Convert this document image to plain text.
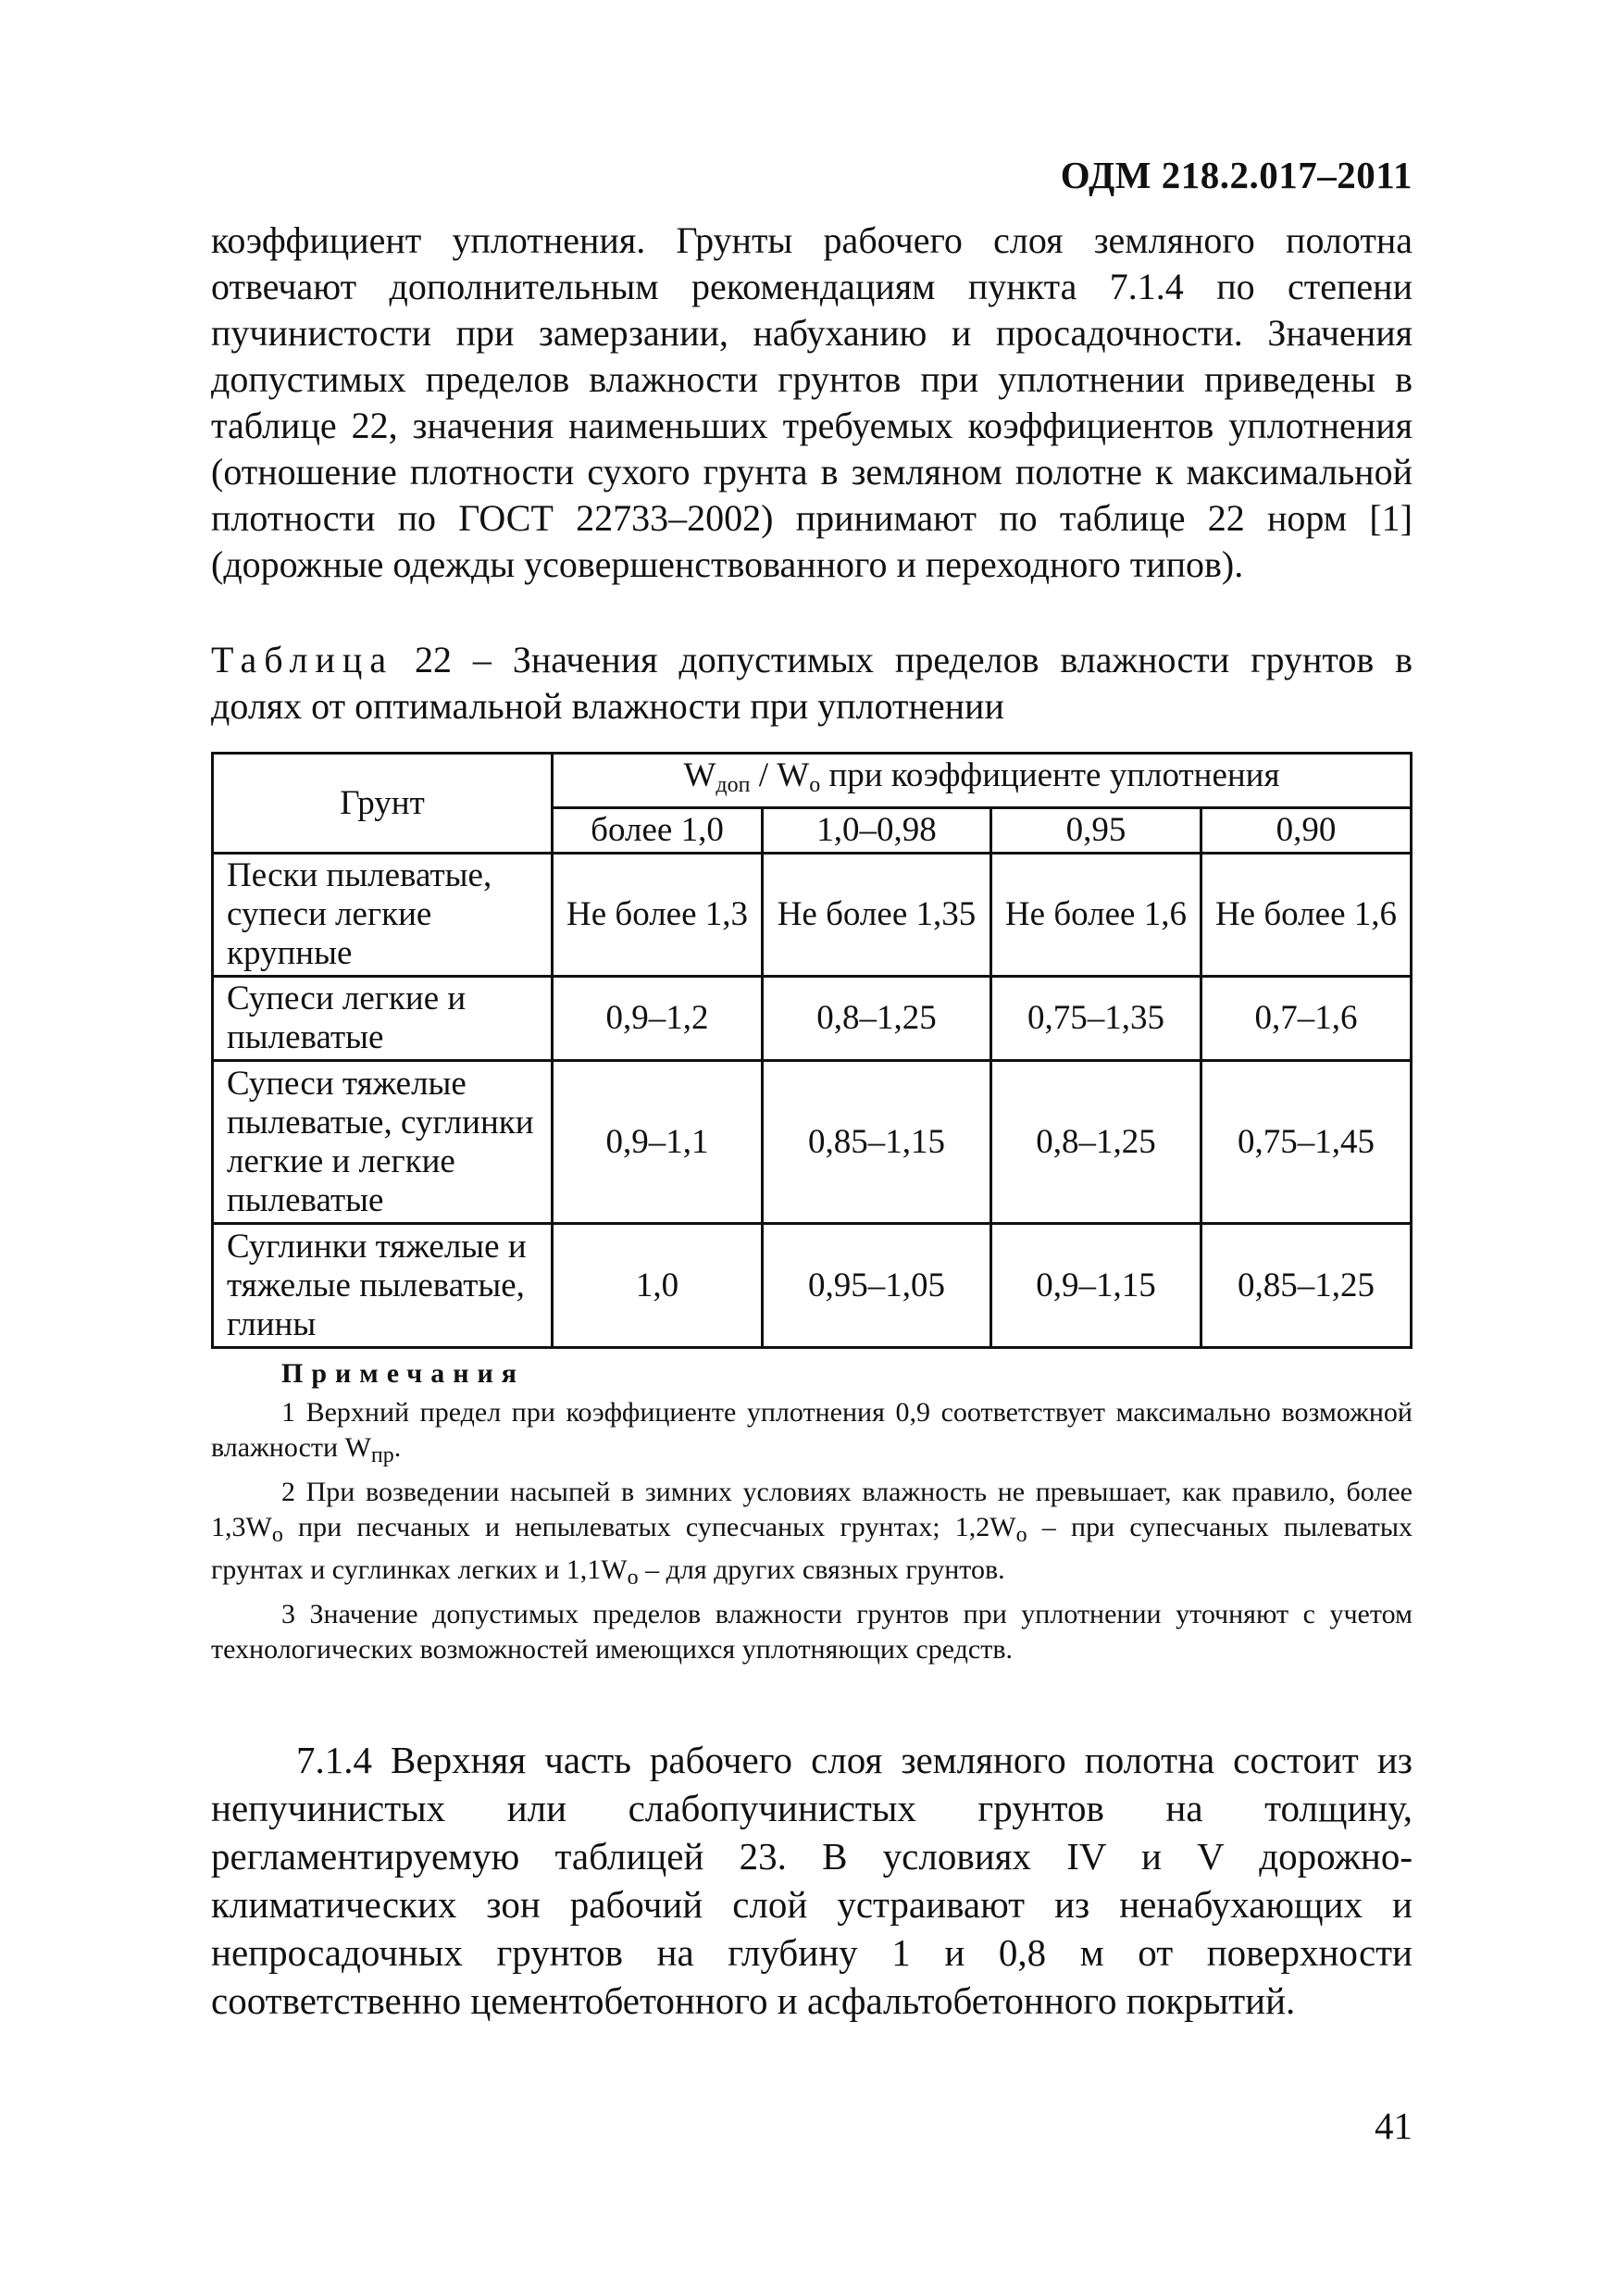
ОДМ 218.2.017–2011
коэффициент уплотнения. Грунты рабочего слоя земляного полотна отвечают дополнительным рекомендациям пункта 7.1.4 по степени пучинистости при замерзании, набуханию и просадочности. Значения допустимых пределов влажности грунтов при уплотнении приведены в таблице 22, значения наименьших требуемых коэффициентов уплотнения (отношение плотности сухого грунта в земляном полотне к максимальной плотности по ГОСТ 22733–2002) принимают по таблице 22 норм [1] (дорожные одежды усовершенствованного и переходного типов).
Таблица 22 – Значения допустимых пределов влажности грунтов в долях от оптимальной влажности при уплотнении
Грунт	$W_{доп} / W_о$ при коэффициенте уплотнения			
	более 1,0	1,0–0,98	0,95	0,90
Пески пылеватые, супеси легкие крупные	Не более 1,3	Не более 1,35	Не более 1,6	Не более 1,6
Супеси легкие и пылеватые	0,9–1,2	0,8–1,25	0,75–1,35	0,7–1,6
Супеси тяжелые пылеватые, суглинки легкие и легкие пылеватые	0,9–1,1	0,85–1,15	0,8–1,25	0,75–1,45
Суглинки тяжелые и тяжелые пылеватые, глины	1,0	0,95–1,05	0,9–1,15	0,85–1,25
Примечания

1 Верхний предел при коэффициенте уплотнения 0,9 соответствует максимально возможной влажности $W_{пр}$.

2 При возведении насыпей в зимних условиях влажность не превышает, как правило, более $1,3W_о$ при песчаных и непылеватых супесчаных грунтах; $1,2W_о$ – при супесчаных пылеватых грунтах и суглинках легких и $1,1W_о$ – для других связных грунтов.

3 Значение допустимых пределов влажности грунтов при уплотнении уточняют с учетом технологических возможностей имеющихся уплотняющих средств.

7.1.4 Верхняя часть рабочего слоя земляного полотна состоит из непучинистых или слабопучинистых грунтов на толщину, регламентируемую таблицей 23. В условиях IV и V дорожно-климатических зон рабочий слой устраивают из ненабухающих и непросадочных грунтов на глубину 1 и 0,8 м от поверхности соответственно цементобетонного и асфальтобетонного покрытий.
41
